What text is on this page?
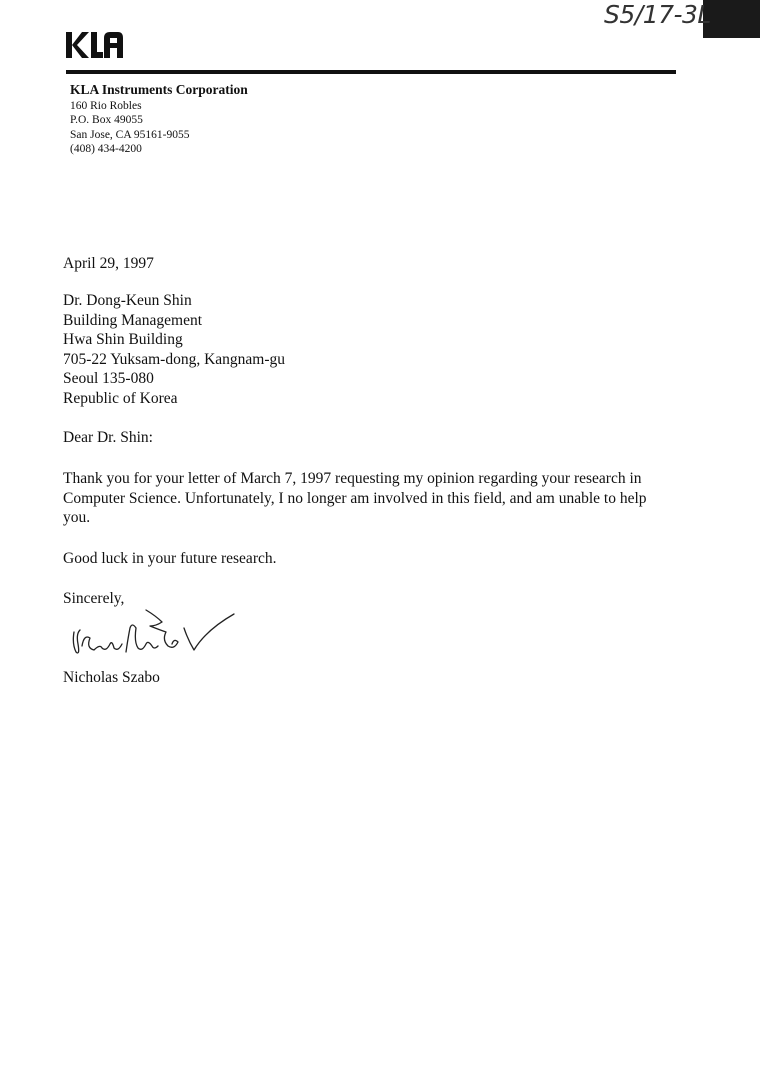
S5/17-3L
KLA Instruments Corporation
160 Rio Robles
P.O. Box 49055
San Jose, CA 95161-9055
(408) 434-4200
April 29, 1997
Dr. Dong-Keun Shin
Building Management
Hwa Shin Building
705-22 Yuksam-dong, Kangnam-gu
Seoul 135-080
Republic of Korea
Dear Dr. Shin:
Thank you for your letter of March 7, 1997 requesting my opinion regarding your research in Computer Science. Unfortunately, I no longer am involved in this field, and am unable to help you.
Good luck in your future research.
Sincerely,
Nicholas Szabo
